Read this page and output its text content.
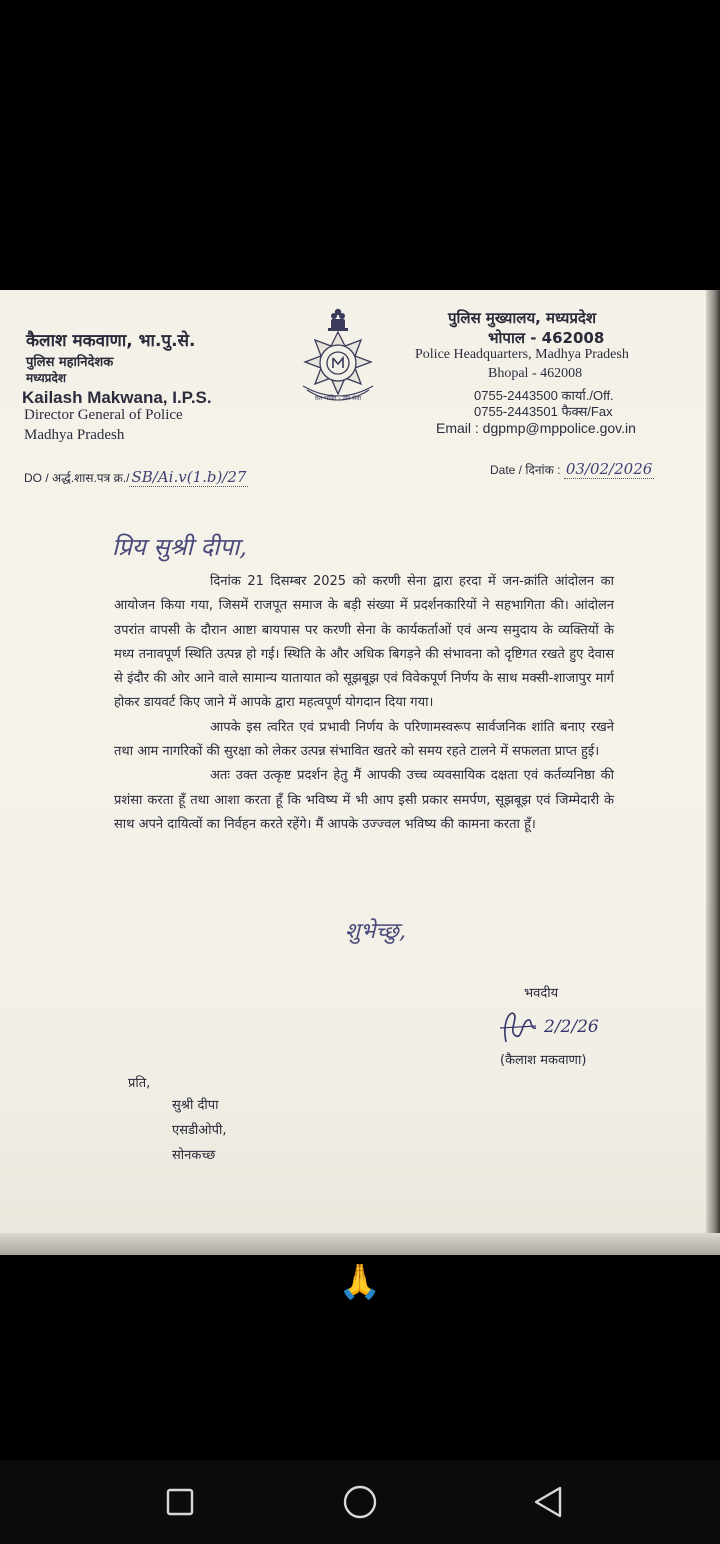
कैलाश मकवाणा, भा.पु.से.
पुलिस महानिदेशक
मध्यप्रदेश
Kailash Makwana, I.P.S.
Director General of Police
Madhya Pradesh
देश भक्ति - जन सेवा
पुलिस मुख्यालय, मध्यप्रदेश
भोपाल - 462008
Police Headquarters, Madhya Pradesh
Bhopal - 462008
0755-2443500 कार्या./Off.
0755-2443501 फैक्स/Fax
Email : dgpmp@mppolice.gov.in
DO / अर्द्ध.शास.पत्र क्र./ SB/Ai.v(1.b)/27	Date / दिनांक : 03/02/2026
प्रिय सुश्री दीपा,

दिनांक 21 दिसम्बर 2025 को करणी सेना द्वारा हरदा में जन-क्रांति आंदोलन का आयोजन किया गया, जिसमें राजपूत समाज के बड़ी संख्या में प्रदर्शनकारियों ने सहभागिता की। आंदोलन उपरांत वापसी के दौरान आष्टा बायपास पर करणी सेना के कार्यकर्ताओं एवं अन्य समुदाय के व्यक्तियों के मध्य तनावपूर्ण स्थिति उत्पन्न हो गई। स्थिति के और अधिक बिगड़ने की संभावना को दृष्टिगत रखते हुए देवास से इंदौर की ओर आने वाले सामान्य यातायात को सूझबूझ एवं विवेकपूर्ण निर्णय के साथ मक्सी-शाजापुर मार्ग होकर डायवर्ट किए जाने में आपके द्वारा महत्वपूर्ण योगदान दिया गया।

आपके इस त्वरित एवं प्रभावी निर्णय के परिणामस्वरूप सार्वजनिक शांति बनाए रखने तथा आम नागरिकों की सुरक्षा को लेकर उत्पन्न संभावित खतरे को समय रहते टालने में सफलता प्राप्त हुई।

अतः उक्त उत्कृष्ट प्रदर्शन हेतु मैं आपकी उच्च व्यवसायिक दक्षता एवं कर्तव्यनिष्ठा की प्रशंसा करता हूँ तथा आशा करता हूँ कि भविष्य में भी आप इसी प्रकार समर्पण, सूझबूझ एवं जिम्मेदारी के साथ अपने दायित्वों का निर्वहन करते रहेंगे। मैं आपके उज्ज्वल भविष्य की कामना करता हूँ।

शुभेच्छु,
भवदीय
2/2/26
(कैलाश मकवाणा)
प्रति,
सुश्री दीपा
एसडीओपी,
सोनकच्छ
🙏
